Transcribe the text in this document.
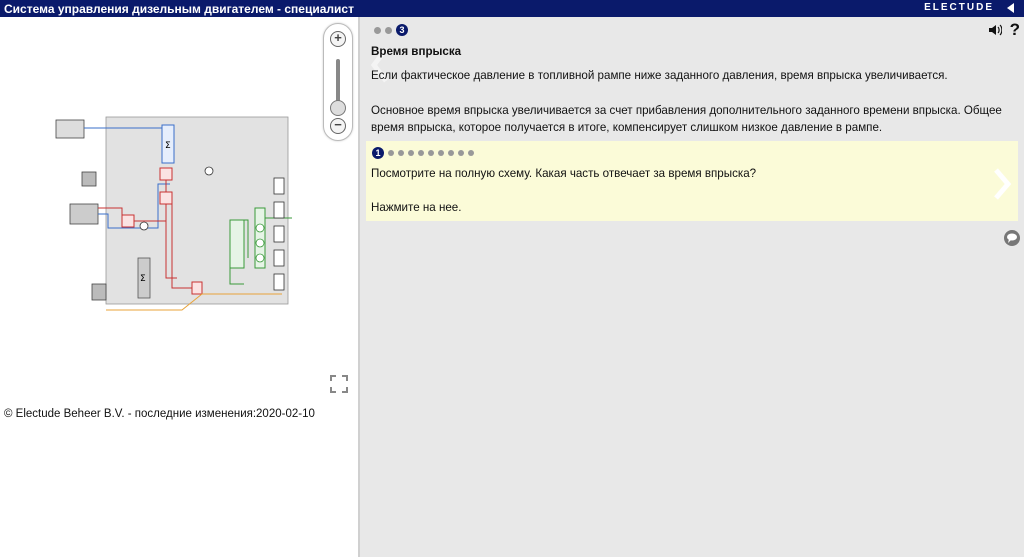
Система управления дизельным двигателем - специалист	ELECTUDE
+
−
Σ
Σ
© Electude Beheer B.V. - последние изменения:2020-02-10
3	?
Время впрыска

Если фактическое давление в топливной рампе ниже заданного давления, время впрыска увеличивается.

Основное время впрыска увеличивается за счет прибавления дополнительного заданного времени впрыска. Общее время впрыска, которое получается в итоге, компенсирует слишком низкое давление в рампе.

1

Посмотрите на полную схему. Какая часть отвечает за время впрыска?

Нажмите на нее.
